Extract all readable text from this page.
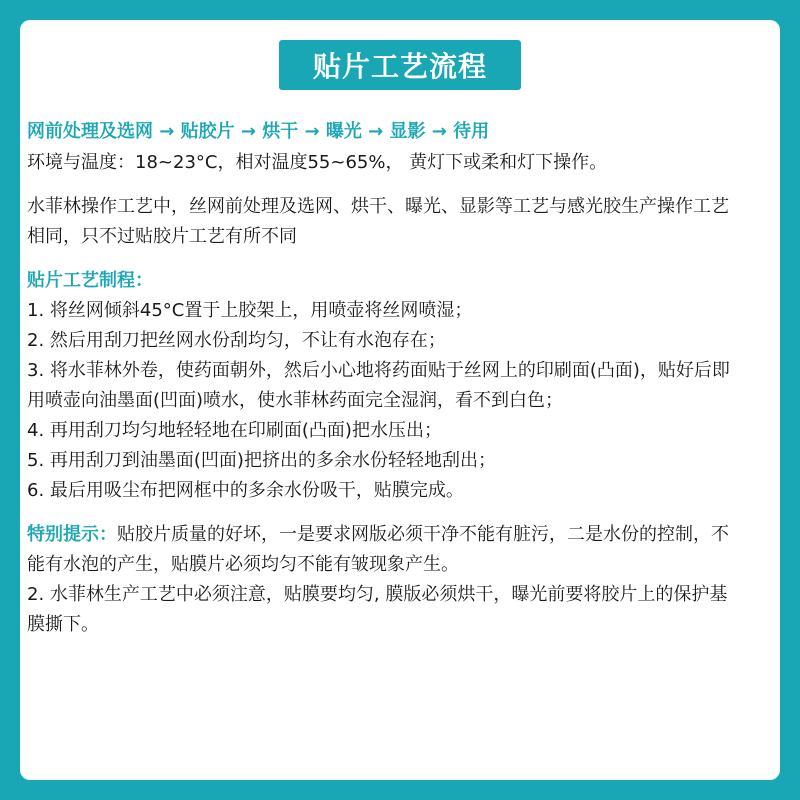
贴片工艺流程
网前处理及选网 → 贴胶片 → 烘干 → 曝光 → 显影 → 待用

环境与温度：18~23°C，相对温度55~65%， 黄灯下或柔和灯下操作。

水菲林操作工艺中，丝网前处理及选网、烘干、曝光、显影等工艺与感光胶生产操作工艺相同，只不过贴胶片工艺有所不同

贴片工艺制程：
1. 将丝网倾斜45°C置于上胶架上，用喷壶将丝网喷湿；
2. 然后用刮刀把丝网水份刮均匀，不让有水泡存在；
3. 将水菲林外卷，使药面朝外，然后小心地将药面贴于丝网上的印刷面(凸面)，贴好后即用喷壶向油墨面(凹面)喷水，使水菲林药面完全湿润，看不到白色；
4. 再用刮刀均匀地轻轻地在印刷面(凸面)把水压出；
5. 再用刮刀到油墨面(凹面)把挤出的多余水份轻轻地刮出；
6. 最后用吸尘布把网框中的多余水份吸干，贴膜完成。

特别提示：贴胶片质量的好坏，一是要求网版必须干净不能有脏污，二是水份的控制，不能有水泡的产生，贴膜片必须均匀不能有皱现象产生。

2. 水菲林生产工艺中必须注意，贴膜要均匀, 膜版必须烘干，曝光前要将胶片上的保护基膜撕下。
